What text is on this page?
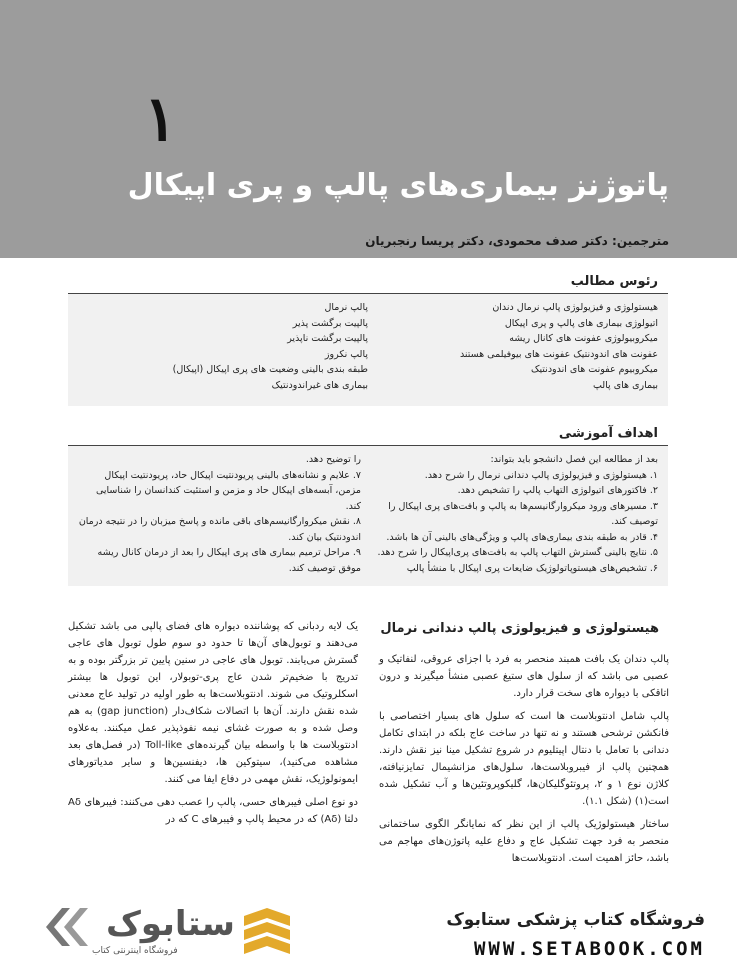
۱
پاتوژنز بیماری‌های پالپ و پری اپیکال
مترجمین: دکتر صدف محمودی، دکتر پریسا رنجبریان
رئوس مطالب
هیستولوژی و فیزیولوژی پالپ نرمال دندان
اتیولوژی بیماری های پالپ و پری اپیکال
میکروبیولوژی عفونت های کانال ریشه
عفونت های اندودنتیک عفونت های بیوفیلمی هستند
میکروبیوم عفونت های اندودنتیک
بیماری های پالپ
پالپ نرمال
پالپیت برگشت پذیر
پالپیت برگشت ناپذیر
پالپ نکروز
طبقه بندی بالینی وضعیت های پری اپیکال (اپیکال)
بیماری های غیراندودنتیک
اهداف آموزشی
بعد از مطالعه این فصل دانشجو باید بتواند:
۱. هیستولوژی و فیزیولوژی پالپ دندانی نرمال را شرح دهد.
۲. فاکتورهای اتیولوژی التهاب پالپ را تشخیص دهد.
۳. مسیرهای ورود میکروارگانیسم‌ها به پالپ و بافت‌های پری اپیکال را توصیف کند.
۴. قادر به طبقه بندی بیماری‌های پالپ و ویژگی‌های بالینی آن ها باشد.
۵. نتایج بالینی گسترش التهاب پالپ به بافت‌های پری‌اپیکال را شرح دهد.
۶. تشخیص‌های هیستوپاتولوژیک ضایعات پری اپیکال با منشأ پالپ
را توضیح دهد.
۷. علایم و نشانه‌های بالینی پریودنتیت اپیکال حاد، پریودنتیت اپیکال مزمن، آبسه‌های اپیکال حاد و مزمن و استئیت کندانسان را شناسایی کند.
۸. نقش میکروارگانیسم‌های باقی مانده و پاسخ میزبان را در نتیجه درمان اندودنتیک بیان کند.
۹. مراحل ترمیم بیماری های پری اپیکال را بعد از درمان کانال ریشه موفق توصیف کند.
هیستولوژی و فیزیولوژی پالپ دندانی نرمال

پالپ دندان یک بافت همبند منحصر به فرد با اجزای عروقی، لنفاتیک و عصبی می باشد که از سلول های ستیغ عصبی منشأ میگیرند و درون اتاقکی با دیواره های سخت قرار دارد.

پالپ شامل ادنتوبلاست ها است که سلول های بسیار اختصاصی با فانکشن ترشحی هستند و نه تنها در ساخت عاج بلکه در ابتدای تکامل دندانی با تعامل با دنتال اپیتلیوم در شروع تشکیل مینا نیز نقش دارند. همچنین پالپ از فیبروبلاست‌ها، سلول‌های مزانشیمال تمایزنیافته، کلاژن نوع ۱ و ۲، پروتئوگلیکان‌ها، گلیکوپروتئین‌ها و آب تشکیل شده است(۱) (شکل ۱.۱).

ساختار هیستولوژیک پالپ از این نظر که نمایانگر الگوی ساختمانی منحصر به فرد جهت تشکیل عاج و دفاع علیه پاتوژن‌های مهاجم می باشد، حائز اهمیت است. ادنتوبلاست‌ها

یک لایه ردبانی که پوشاننده دیواره های فضای پالپی می باشد تشکیل می‌دهند و توبول‌های آن‌ها تا حدود دو سوم طول توبول های عاجی گسترش می‌یابند. توبول های عاجی در سنین پایین تر بزرگتر بوده و به تدریج با ضخیم‌تر شدن عاج پری‌-توبولار، این توبول ها بیشتر اسکلروتیک می شوند. ادنتوبلاست‌ها به طور اولیه در تولید عاج معدنی شده نقش دارند. آن‌ها با اتصالات شکاف‌دار (gap junction) به هم وصل شده و به صورت غشای نیمه نفوذپذیر عمل میکنند. به‌علاوه ادنتوبلاست ها با واسطه بیان گیرنده‌های Toll-like (در فصل‌های بعد مشاهده می‌کنید)، سیتوکین ها، دیفنسین‌ها و سایر مدیاتورهای ایمونولوژیک، نقش مهمی در دفاع ایفا می کنند.

دو نوع اصلی فیبرهای حسی، پالپ را عصب دهی می‌کنند: فیبرهای Aδ دلتا (Aδ) که در محیط پالپ و فیبرهای C که در

ستابوک
فروشگاه اینترنتی کتاب
فروشگاه کتاب پزشکی ستابوک
WWW.SETABOOK.COM
